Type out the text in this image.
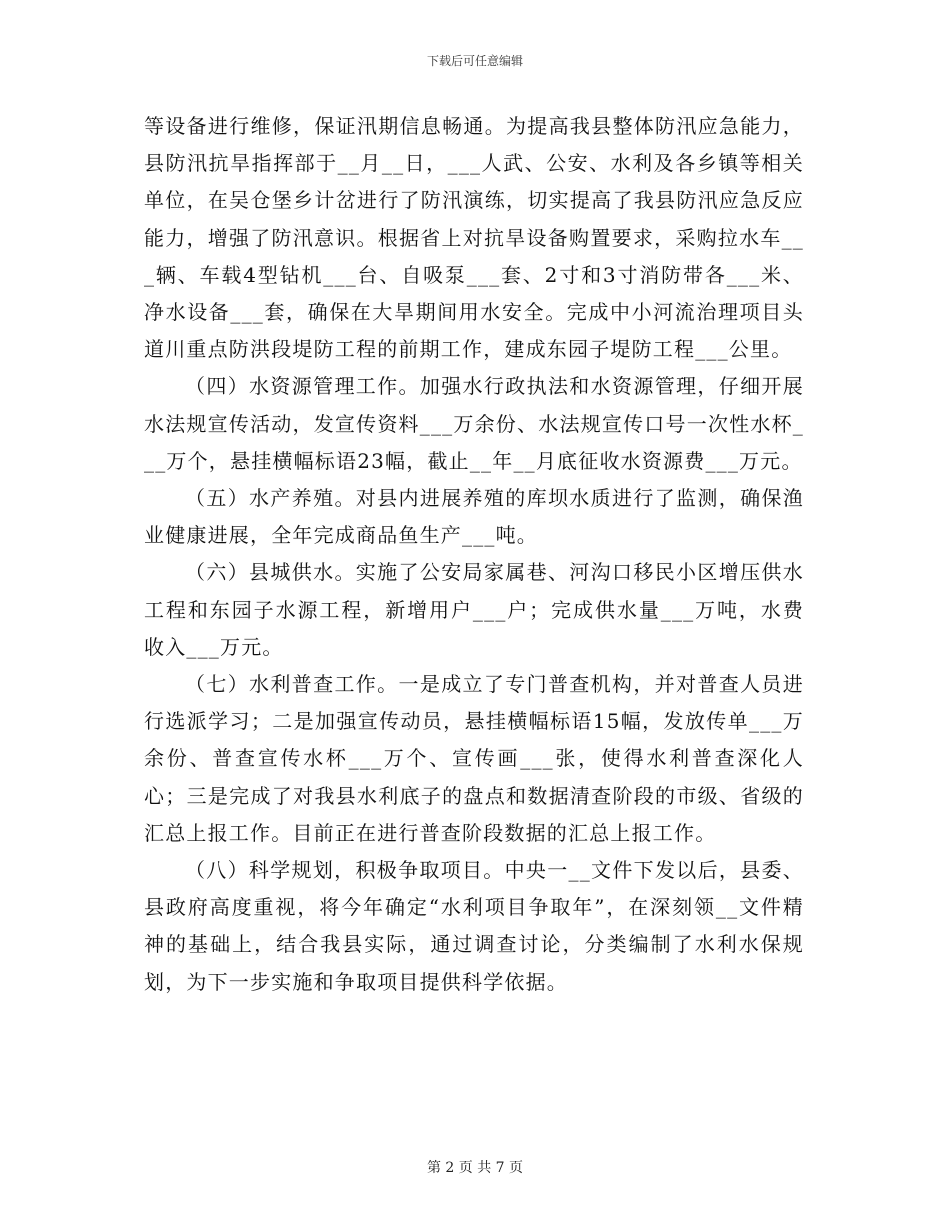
下载后可任意编辑

等设备进行维修，保证汛期信息畅通。为提高我县整体防汛应急能力，县防汛抗旱指挥部于__月__日，___人武、公安、水利及各乡镇等相关单位，在吴仓堡乡计岔进行了防汛演练，切实提高了我县防汛应急反应能力，增强了防汛意识。根据省上对抗旱设备购置要求，采购拉水车___辆、车载4型钻机___台、自吸泵___套、2寸和3寸消防带各___米、净水设备___套，确保在大旱期间用水安全。完成中小河流治理项目头道川重点防洪段堤防工程的前期工作，建成东园子堤防工程___公里。

（四）水资源管理工作。加强水行政执法和水资源管理，仔细开展水法规宣传活动，发宣传资料___万余份、水法规宣传口号一次性水杯___万个，悬挂横幅标语23幅，截止__年__月底征收水资源费___万元。

（五）水产养殖。对县内进展养殖的库坝水质进行了监测，确保渔业健康进展，全年完成商品鱼生产___吨。

（六）县城供水。实施了公安局家属巷、河沟口移民小区增压供水工程和东园子水源工程，新增用户___户；完成供水量___万吨，水费收入___万元。

（七）水利普查工作。一是成立了专门普查机构，并对普查人员进行选派学习；二是加强宣传动员，悬挂横幅标语15幅，发放传单___万余份、普查宣传水杯___万个、宣传画___张，使得水利普查深化人心；三是完成了对我县水利底子的盘点和数据清查阶段的市级、省级的汇总上报工作。目前正在进行普查阶段数据的汇总上报工作。

（八）科学规划，积极争取项目。中央一__文件下发以后，县委、县政府高度重视，将今年确定“水利项目争取年”，在深刻领__文件精神的基础上，结合我县实际，通过调查讨论，分类编制了水利水保规划，为下一步实施和争取项目提供科学依据。

第 2 页 共 7 页
